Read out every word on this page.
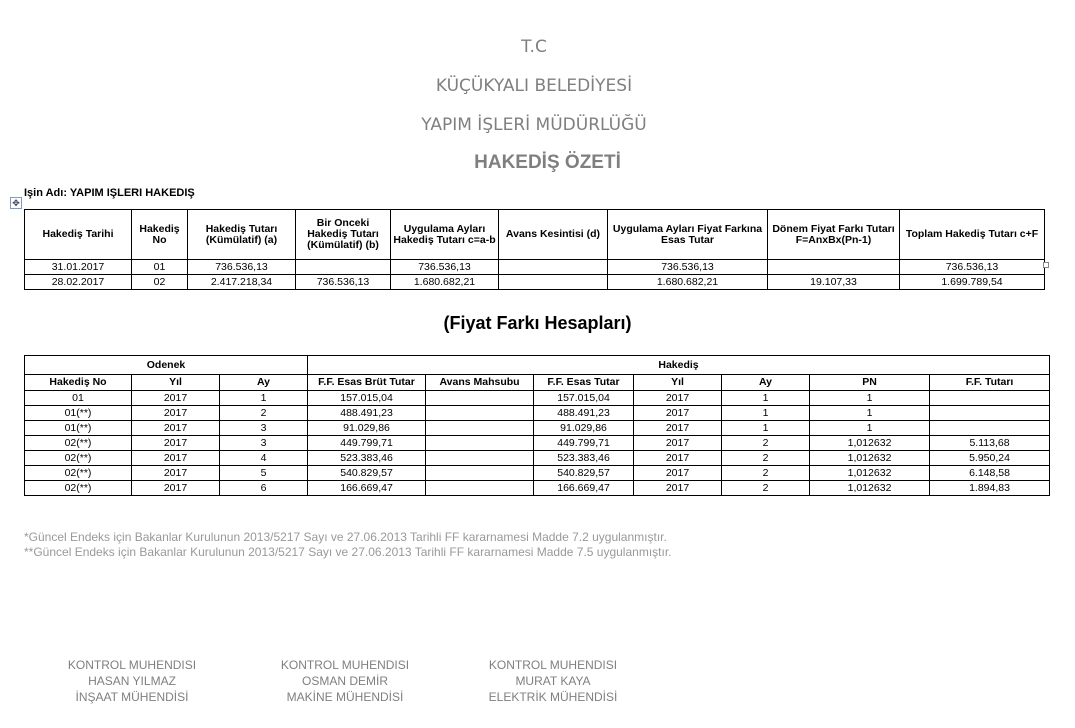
T.C
KÜÇÜKYALI BELEDİYESİ
YAPIM İŞLERİ MÜDÜRLÜĞÜ
HAKEDİŞ ÖZETİ
Işin Adı: YAPIM IŞLERI HAKEDIŞ
✥
Hakediş Tarihi	Hakediş No	Hakediş Tutarı (Kümülatif) (a)	Bir Onceki Hakediş Tutarı (Kümülatif) (b)	Uygulama Ayları Hakediş Tutarı c=a-b	Avans Kesintisi (d)	Uygulama Ayları Fiyat Farkına Esas Tutar	Dönem Fiyat Farkı Tutarı F=AnxBx(Pn-1)	Toplam Hakediş Tutarı c+F
31.01.2017	01	736.536,13		736.536,13		736.536,13		736.536,13
28.02.2017	02	2.417.218,34	736.536,13	1.680.682,21		1.680.682,21	19.107,33	1.699.789,54
(Fiyat Farkı Hesapları)
Odenek			Hakediş						
Hakediş No	Yıl	Ay	F.F. Esas Brüt Tutar	Avans Mahsubu	F.F. Esas Tutar	Yıl	Ay	PN	F.F. Tutarı
01	2017	1	157.015,04		157.015,04	2017	1	1	
01(**)	2017	2	488.491,23		488.491,23	2017	1	1	
01(**)	2017	3	91.029,86		91.029,86	2017	1	1	
02(**)	2017	3	449.799,71		449.799,71	2017	2	1,012632	5.113,68
02(**)	2017	4	523.383,46		523.383,46	2017	2	1,012632	5.950,24
02(**)	2017	5	540.829,57		540.829,57	2017	2	1,012632	6.148,58
02(**)	2017	6	166.669,47		166.669,47	2017	2	1,012632	1.894,83
*Güncel Endeks için Bakanlar Kurulunun 2013/5217 Sayı ve 27.06.2013 Tarihli FF kararnamesi Madde 7.2 uygulanmıştır.
**Güncel Endeks için Bakanlar Kurulunun 2013/5217 Sayı ve 27.06.2013 Tarihli FF kararnamesi Madde 7.5 uygulanmıştır.
KONTROL MUHENDISI
HASAN YILMAZ
İNŞAAT MÜHENDİSİ
KONTROL MUHENDISI
OSMAN DEMİR
MAKİNE MÜHENDİSİ
KONTROL MUHENDISI
MURAT KAYA
ELEKTRİK MÜHENDİSİ
